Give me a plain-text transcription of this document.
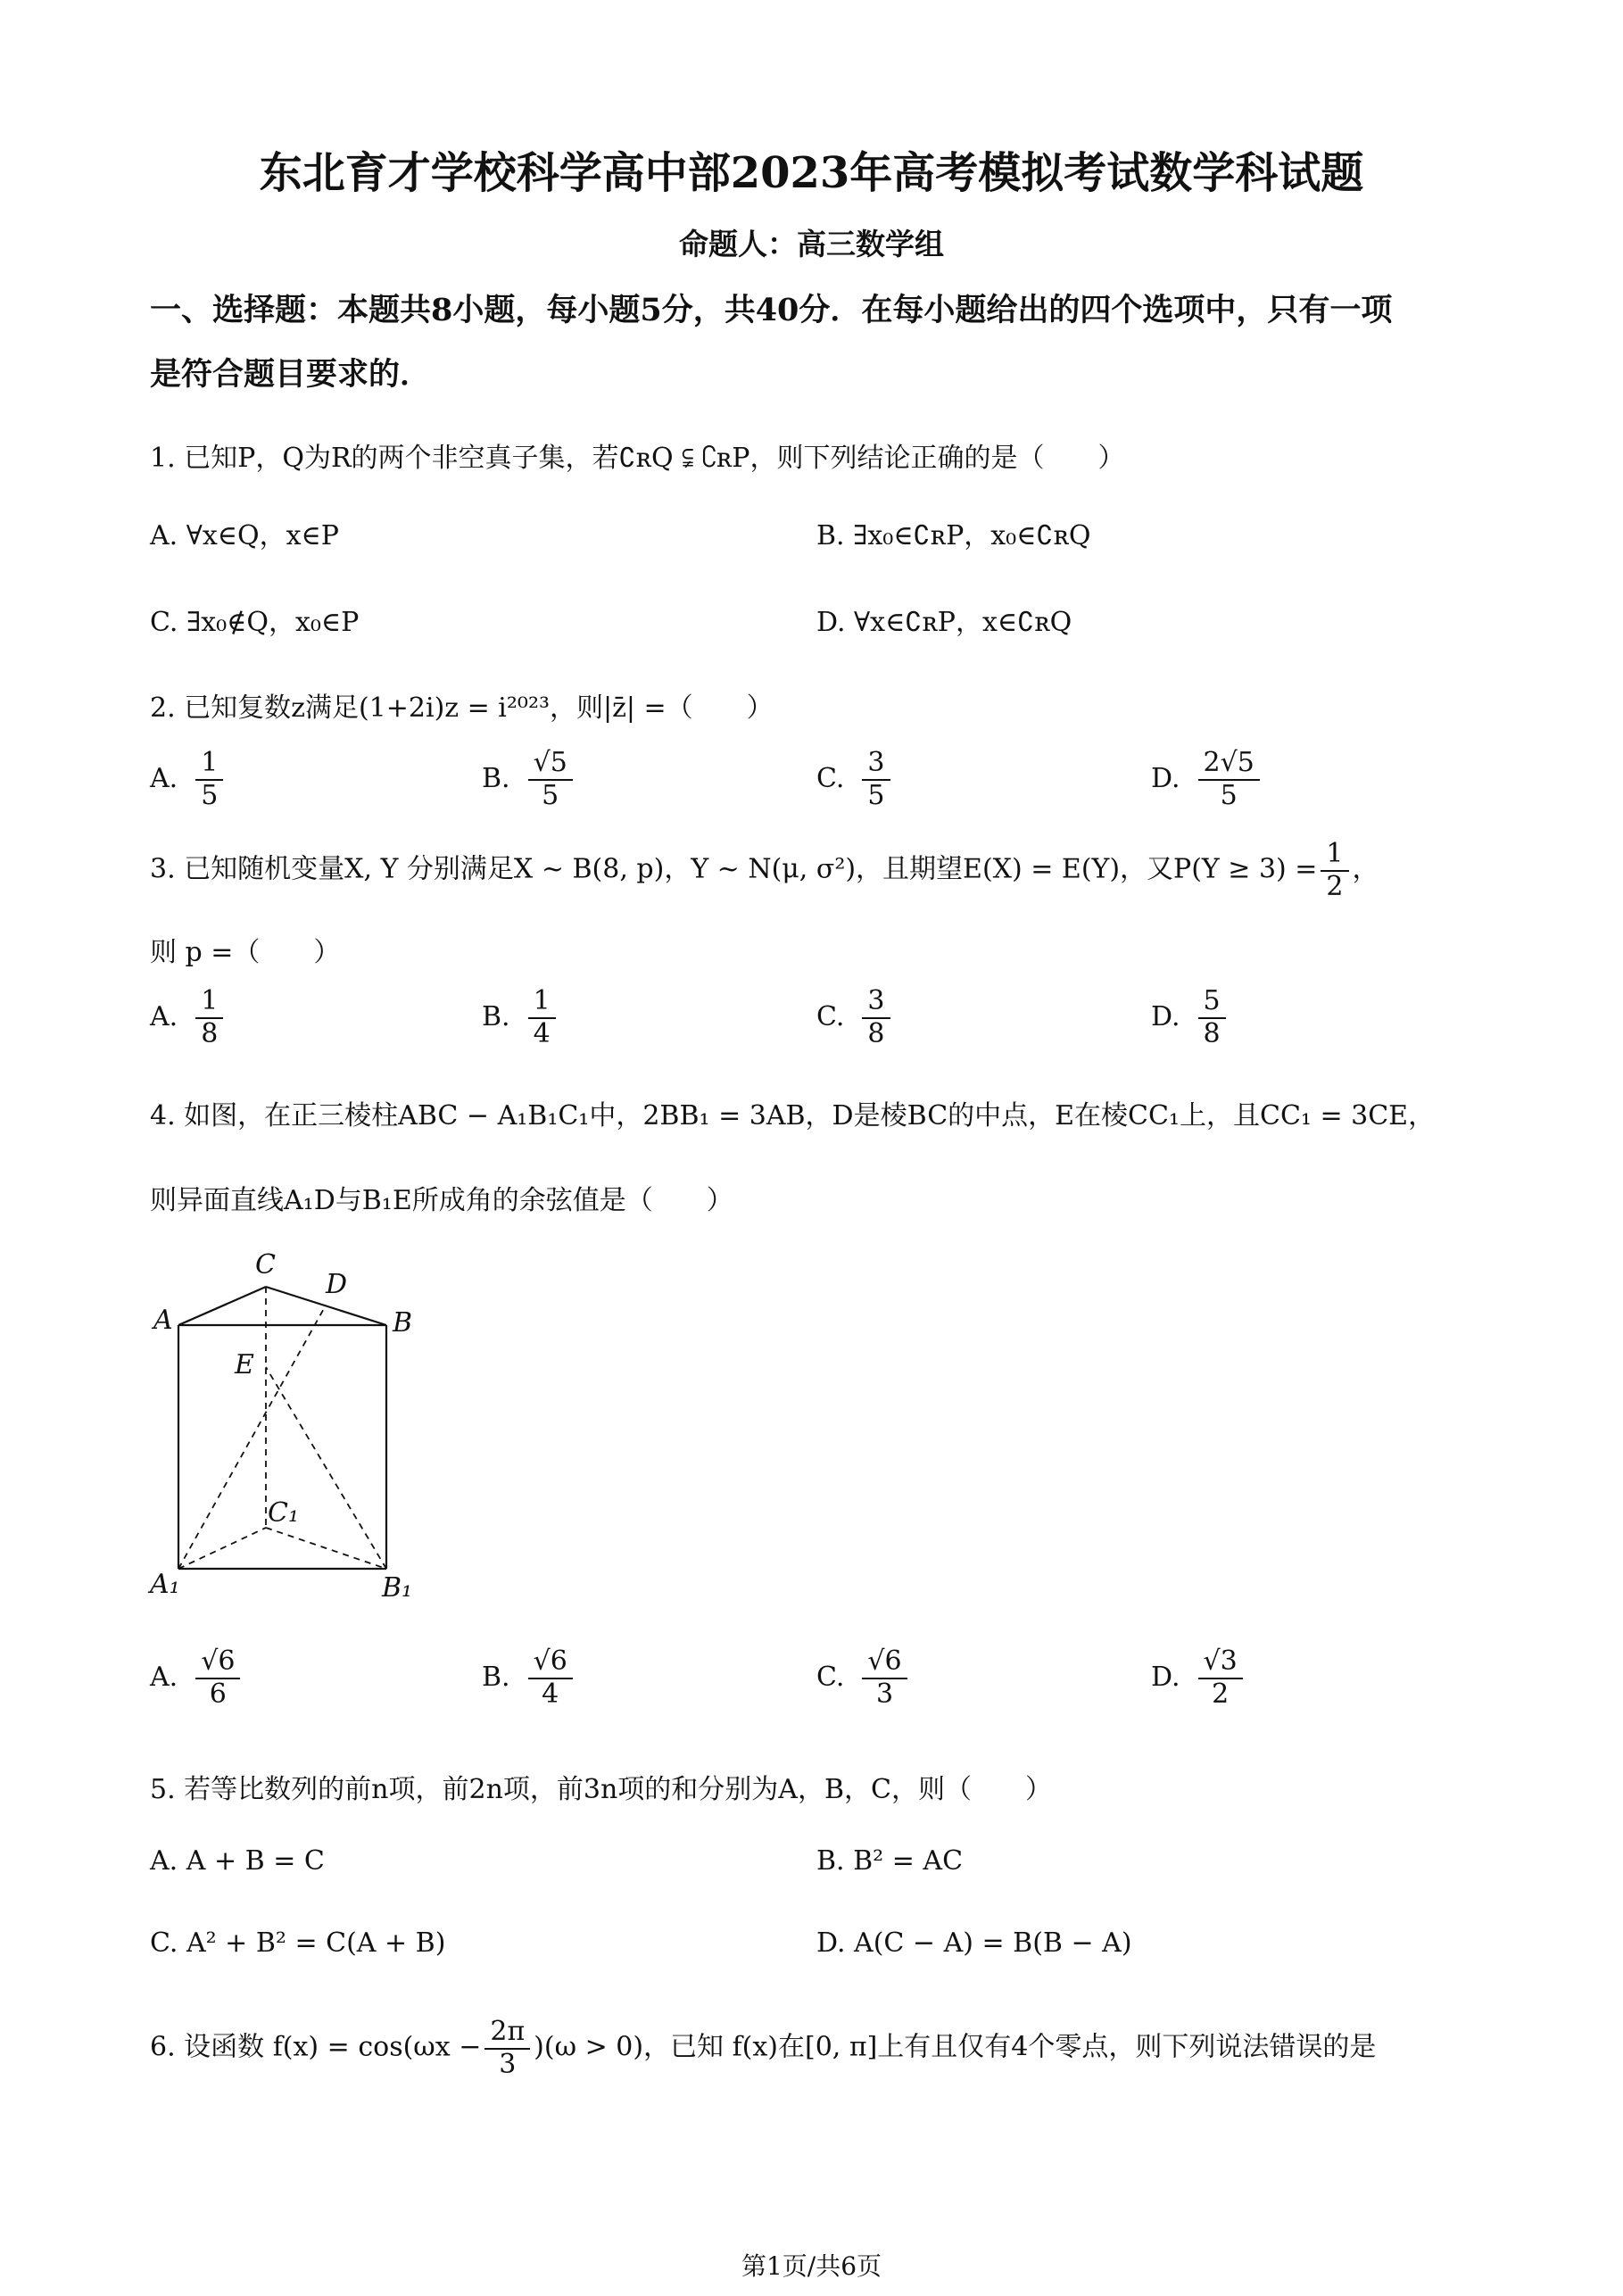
东北育才学校科学高中部2023年高考模拟考试数学科试题
命题人：高三数学组
一、选择题：本题共8小题，每小题5分，共40分．在每小题给出的四个选项中，只有一项
是符合题目要求的．
1. 已知P，Q为R的两个非空真子集，若∁ʀQ ⫋ ∁ʀP，则下列结论正确的是（　　）
A. ∀x∈Q，x∈P	B. ∃x₀∈∁ʀP，x₀∈∁ʀQ
C. ∃x₀∉Q，x₀∈P	D. ∀x∈∁ʀP，x∈∁ʀQ
2. 已知复数z满足(1+2i)z = i²⁰²³，则|z̄| =（　　）
A. $\frac{1}{5}$	B. $\frac{√5}{5}$	C. $\frac{3}{5}$	D. $\frac{2√5}{5}$
3. 已知随机变量X, Y 分别满足X ~ B(8, p)，Y ~ N(μ, σ²)，且期望E(X) = E(Y)，又$P(Y \ge 3) = \frac{1}{2}$ ，
则 p =（　　）
A. $\frac{1}{8}$	B. $\frac{1}{4}$	C. $\frac{3}{8}$	D. $\frac{5}{8}$
4. 如图，在正三棱柱ABC − A₁B₁C₁中，2BB₁ = 3AB，D是棱BC的中点，E在棱CC₁上，且CC₁ = 3CE，
则异面直线A₁D与B₁E所成角的余弦值是（　　）
C
D
A	B
E
C₁
A₁	B₁
A. $\frac{√6}{6}$	B. $\frac{√6}{4}$	C. $\frac{√6}{3}$	D. $\frac{√3}{2}$
5. 若等比数列的前n项，前2n项，前3n项的和分别为A，B，C，则（　　）
A. A + B = C	B. B² = AC
C. A² + B² = C(A + B)	D. A(C − A) = B(B − A)
6. 设函数 $f(x) = \cos(\omega x - \frac{2\pi}{3} )(\omega > 0)$，已知 f(x)在[0, π]上有且仅有4个零点，则下列说法错误的是
第1页/共6页
